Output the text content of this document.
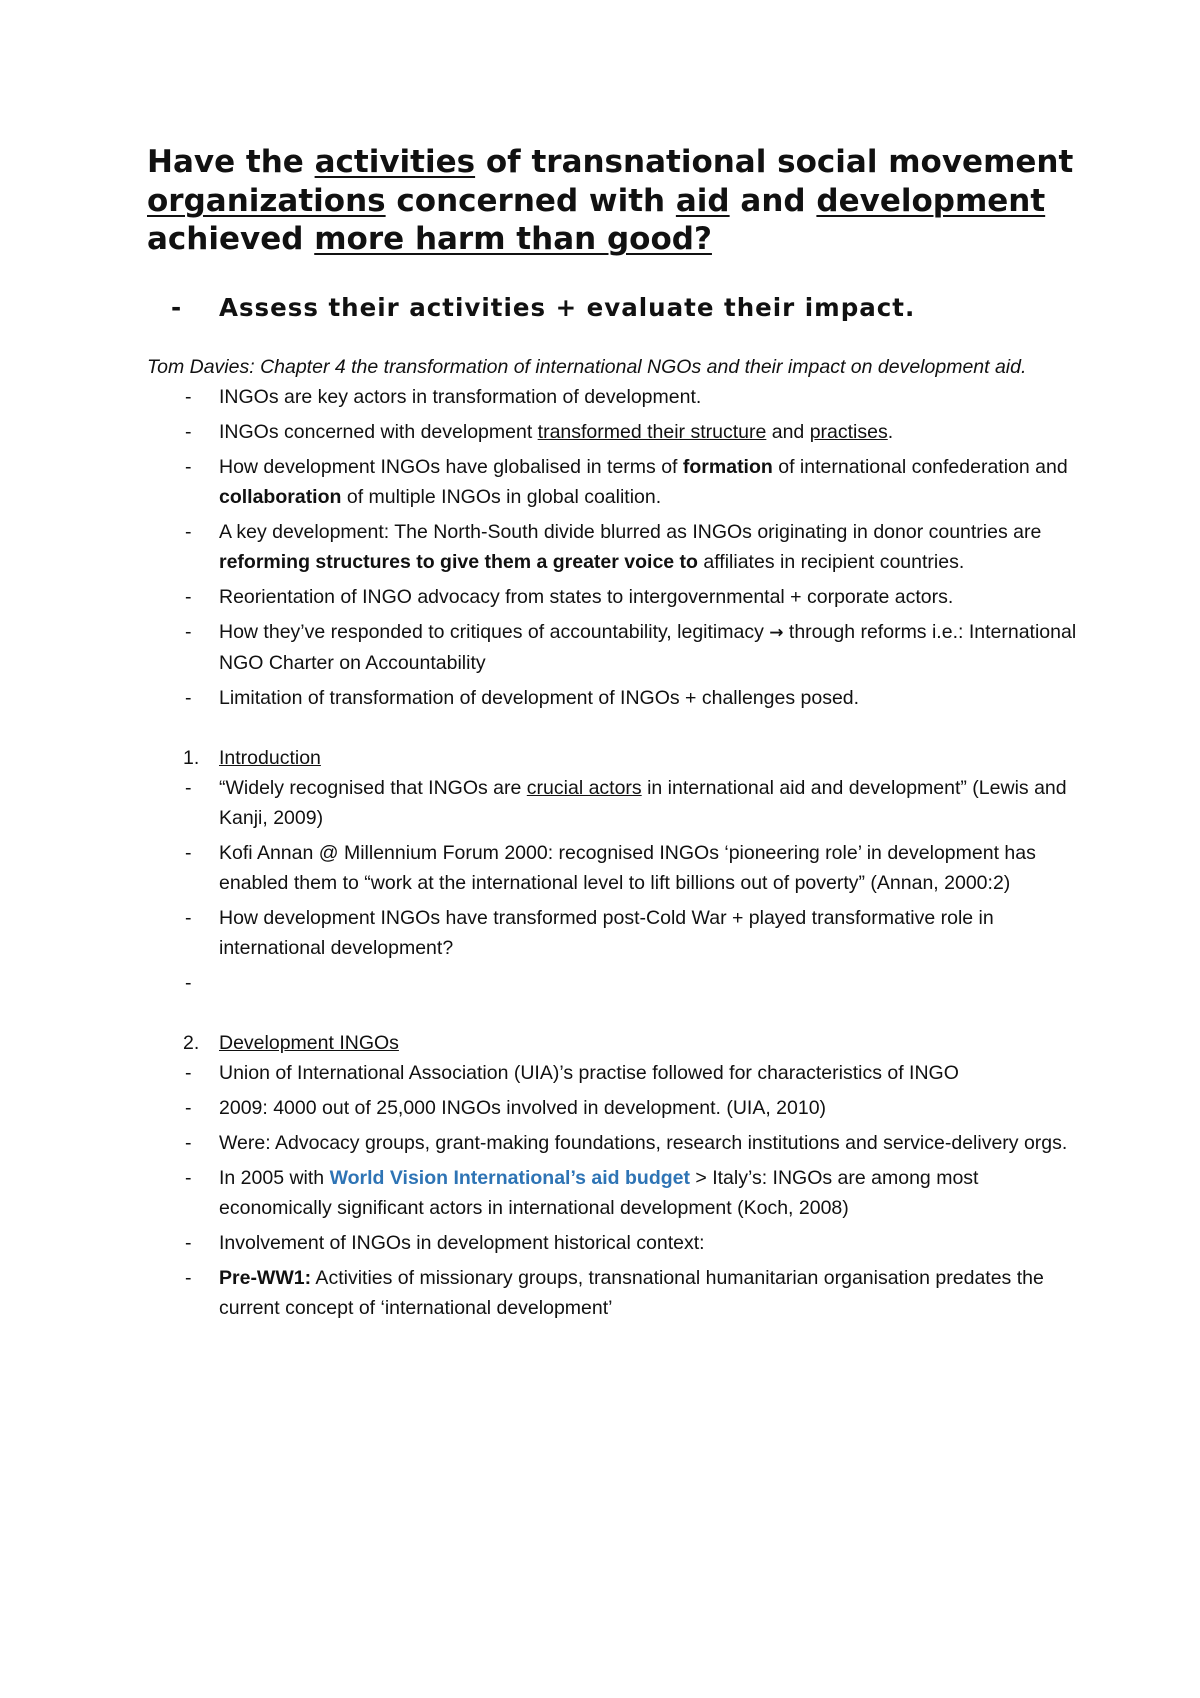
Have the activities of transnational social movement organizations concerned with aid and development achieved more harm than good?

- Assess their activities + evaluate their impact.

Tom Davies: Chapter 4 the transformation of international NGOs and their impact on development aid.

- INGOs are key actors in transformation of development.
- INGOs concerned with development transformed their structure and practises.
- How development INGOs have globalised in terms of formation of international confederation and collaboration of multiple INGOs in global coalition.
- A key development: The North-South divide blurred as INGOs originating in donor countries are reforming structures to give them a greater voice to affiliates in recipient countries.
- Reorientation of INGO advocacy from states to intergovernmental + corporate actors.
- How they’ve responded to critiques of accountability, legitimacy → through reforms i.e.: International NGO Charter on Accountability
- Limitation of transformation of development of INGOs + challenges posed.

1. Introduction

- “Widely recognised that INGOs are crucial actors in international aid and development” (Lewis and Kanji, 2009)
- Kofi Annan @ Millennium Forum 2000: recognised INGOs ‘pioneering role’ in development has enabled them to “work at the international level to lift billions out of poverty” (Annan, 2000:2)
- How development INGOs have transformed post-Cold War + played transformative role in international development?
-

2. Development INGOs

- Union of International Association (UIA)’s practise followed for characteristics of INGO
- 2009: 4000 out of 25,000 INGOs involved in development. (UIA, 2010)
- Were: Advocacy groups, grant-making foundations, research institutions and service-delivery orgs.
- In 2005 with World Vision International’s aid budget > Italy’s: INGOs are among most economically significant actors in international development (Koch, 2008)
- Involvement of INGOs in development historical context:
- Pre-WW1: Activities of missionary groups, transnational humanitarian organisation predates the current concept of ‘international development’
